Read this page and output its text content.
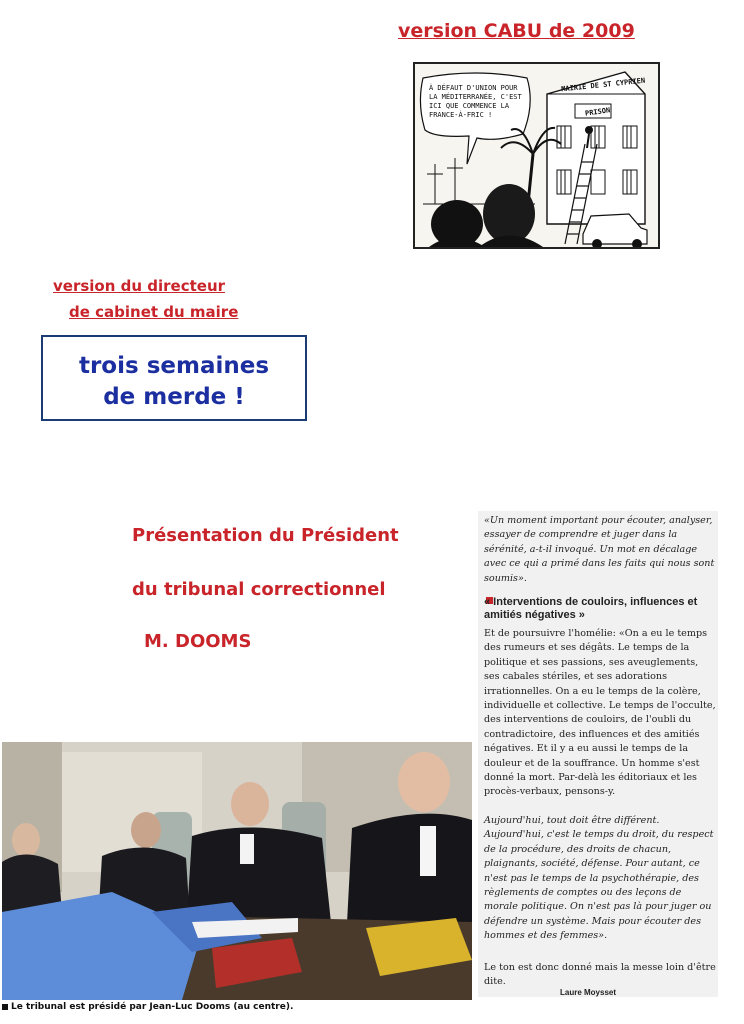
version CABU de 2009
À DÉFAUT D'UNION POUR LA MÉDITERRANÉE, C'EST ICI QUE COMMENCE LA FRANCE-À-FRIC !
MAIRIE DE ST CYPRIEN
PRISON
version du directeur
de cabinet du maire
trois semaines
de merde !
Présentation du Président
du tribunal correctionnel
M. DOOMS
«Un moment important pour écouter, analyser, essayer de comprendre et juger dans la sérénité, a-t-il invoqué. Un mot en décalage avec ce qui a primé dans les faits qui nous sont soumis».
« Interventions de couloirs, influences et amitiés négatives »
Et de poursuivre l'homélie: «On a eu le temps des rumeurs et ses dégâts. Le temps de la politique et ses passions, ses aveuglements, ses cabales stériles, et ses adorations irrationnelles. On a eu le temps de la colère, individuelle et collective. Le temps de l'occulte, des interventions de couloirs, de l'oubli du contradictoire, des influences et des amitiés négatives. Et il y a eu aussi le temps de la douleur et de la souffrance. Un homme s'est donné la mort. Par-delà les éditoriaux et les procès-verbaux, pensons-y.
Aujourd'hui, tout doit être différent. Aujourd'hui, c'est le temps du droit, du respect de la procédure, des droits de chacun, plaignants, société, défense. Pour autant, ce n'est pas le temps de la psychothérapie, des règlements de comptes ou des leçons de morale politique. On n'est pas là pour juger ou défendre un système. Mais pour écouter des hommes et des femmes».
Le ton est donc donné mais la messe loin d'être dite.
Laure Moysset
Le tribunal est présidé par Jean-Luc Dooms (au centre).
